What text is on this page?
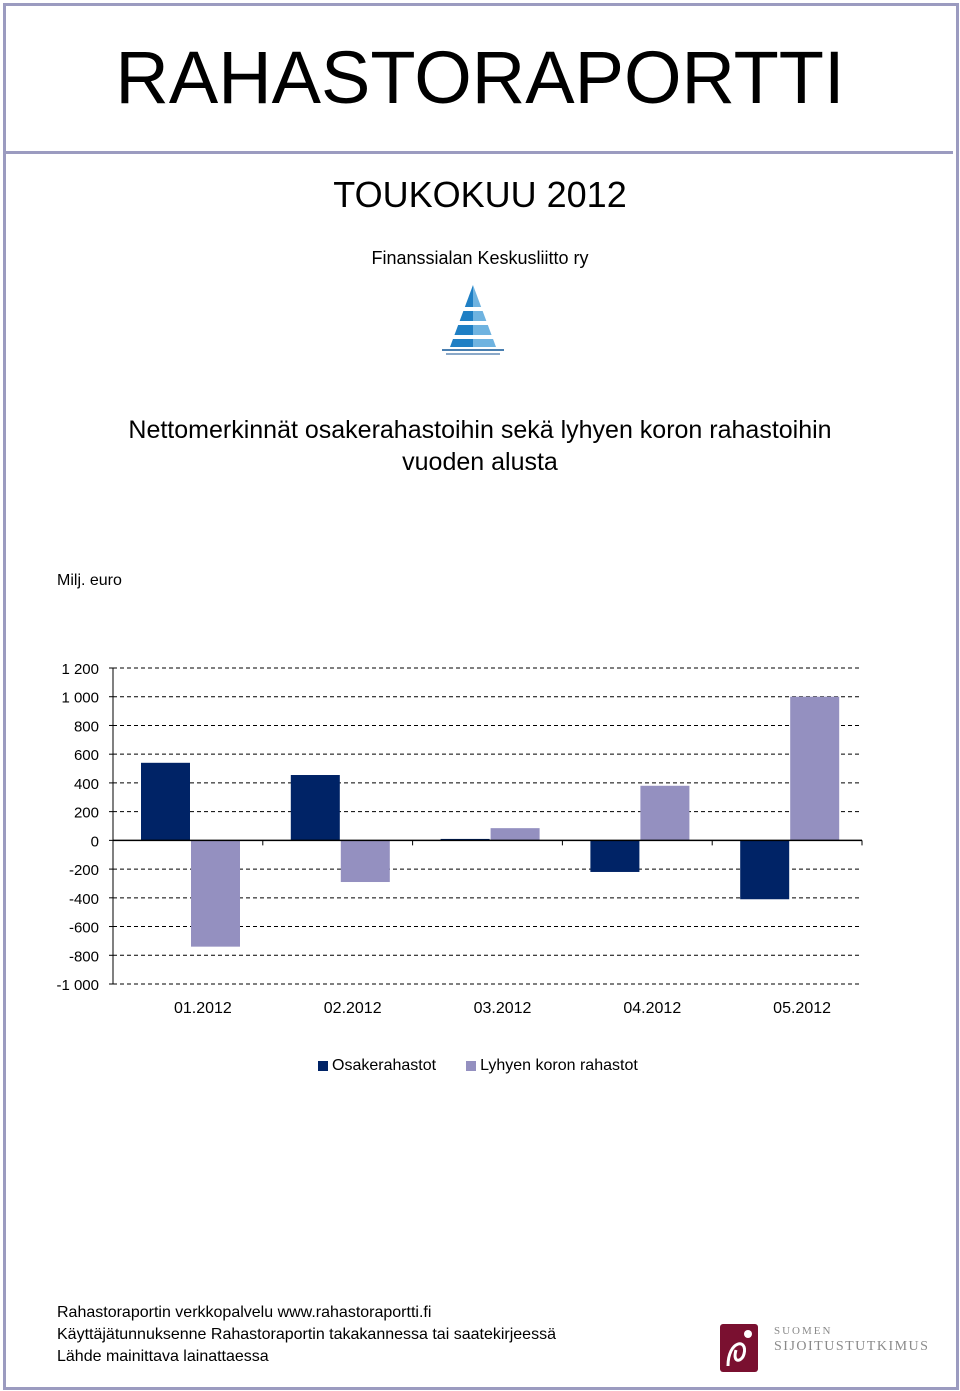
RAHASTORAPORTTI
TOUKOKUU 2012
Finanssialan Keskusliitto ry
Nettomerkinnät osakerahastoihin sekä lyhyen koron rahastoihin
vuoden alusta
Milj. euro
1 200
1 000
800
600
400
200
0
-200
-400
-600
-800
-1 000
01.2012	02.2012	03.2012	04.2012	05.2012
Osakerahastot	Lyhyen koron rahastot
Rahastoraportin verkkopalvelu www.rahastoraportti.fi
Käyttäjätunnuksenne Rahastoraportin takakannessa tai saatekirjeessä
Lähde mainittava lainattaessa
SUOMEN
SIJOITUSTUTKIMUS
